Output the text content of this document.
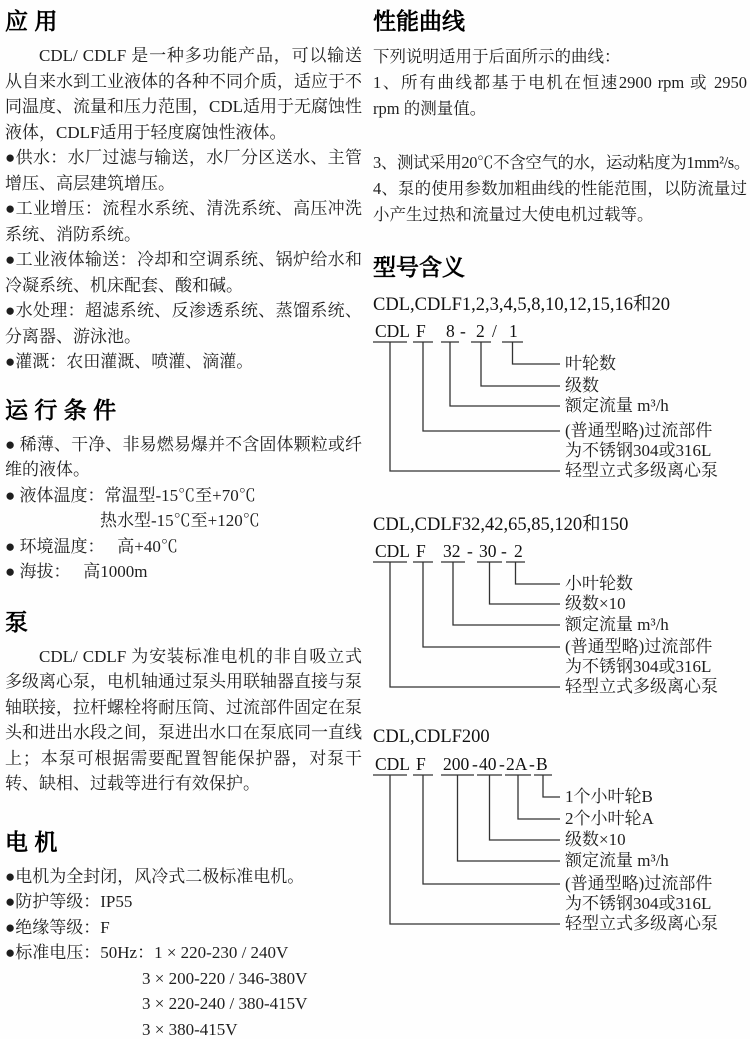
应 用

CDL/ CDLF 是一种多功能产品，可以输送从自来水到工业液体的各种不同介质，适应于不同温度、流量和压力范围，CDL适用于无腐蚀性液体，CDLF适用于轻度腐蚀性液体。

●供水：水厂过滤与输送，水厂分区送水、主管增压、高层建筑增压。

●工业增压：流程水系统、清洗系统、高压冲洗系统、消防系统。

●工业液体输送：冷却和空调系统、锅炉给水和冷凝系统、机床配套、酸和碱。

●水处理：超滤系统、反渗透系统、蒸馏系统、分离器、游泳池。

●灌溉：农田灌溉、喷灌、滴灌。

运 行 条 件

● 稀薄、干净、非易燃易爆并不含固体颗粒或纤维的液体。

● 液体温度：常温型-15℃至+70℃

热水型-15℃至+120℃

● 环境温度：　 高+40℃

● 海拔：　 高1000m

泵

CDL/ CDLF 为安装标准电机的非自吸立式多级离心泵，电机轴通过泵头用联轴器直接与泵轴联接，拉杆螺栓将耐压筒、过流部件固定在泵头和进出水段之间，泵进出水口在泵底同一直线上；本泵可根据需要配置智能保护器，对泵干转、缺相、过载等进行有效保护。

电 机

●电机为全封闭，风冷式二极标准电机。

●防护等级：IP55

●绝缘等级：F

●标准电压：50Hz：1 × 220-230 / 240V

3 × 200-220 / 346-380V

3 × 220-240 / 380-415V

3 × 380-415V

性能曲线

下列说明适用于后面所示的曲线：

1、所有曲线都基于电机在恒速2900 rpm 或 2950 rpm 的测量值。

3、测试采用20℃不含空气的水，运动粘度为1mm²/s。

4、泵的使用参数加粗曲线的性能范围，以防流量过小产生过热和流量过大使电机过载等。

型号含义

CDL,CDLF1,2,3,4,5,8,10,12,15,16和20

CDL F 8 - 2 / 1
叶轮数
级数
额定流量 m³/h
(普通型略)过流部件
为不锈钢304或316L
轻型立式多级离心泵

CDL,CDLF32,42,65,85,120和150

CDL F 32 - 30 - 2
小叶轮数
级数×10
额定流量 m³/h
(普通型略)过流部件
为不锈钢304或316L
轻型立式多级离心泵

CDL,CDLF200

CDL F 200 - 40 - 2A - B
1个小叶轮B
2个小叶轮A
级数×10
额定流量 m³/h
(普通型略)过流部件
为不锈钢304或316L
轻型立式多级离心泵
